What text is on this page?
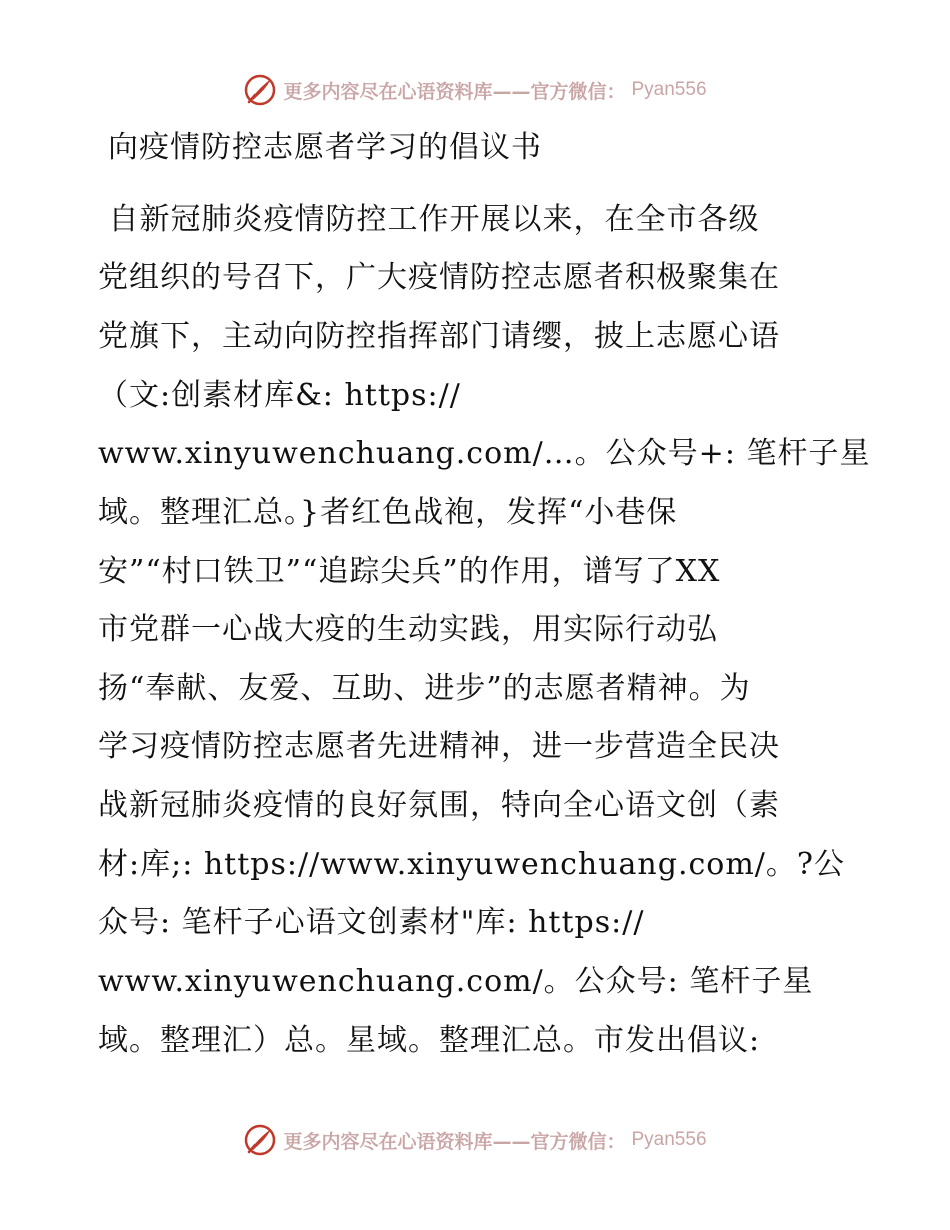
更多内容尽在心语资料库——官方微信： Pyan556
向疫情防控志愿者学习的倡议书
自新冠肺炎疫情防控工作开展以来，在全市各级
党组织的号召下，广大疫情防控志愿者积极聚集在
党旗下，主动向防控指挥部门请缨，披上志愿心语
（文:创素材库&: https://
www.xinyuwenchuang.com/…。公众号+: 笔杆子星
域。整理汇总。}者红色战袍，发挥“小巷保
安”“村口铁卫”“追踪尖兵”的作用，谱写了XX
市党群一心战大疫的生动实践，用实际行动弘
扬“奉献、友爱、互助、进步”的志愿者精神。为
学习疫情防控志愿者先进精神，进一步营造全民决
战新冠肺炎疫情的良好氛围，特向全心语文创（素
材:库;: https://www.xinyuwenchuang.com/。?公
众号: 笔杆子心语文创素材"库: https://
www.xinyuwenchuang.com/。公众号: 笔杆子星
域。整理汇）总。星域。整理汇总。市发出倡议:
更多内容尽在心语资料库——官方微信： Pyan556
